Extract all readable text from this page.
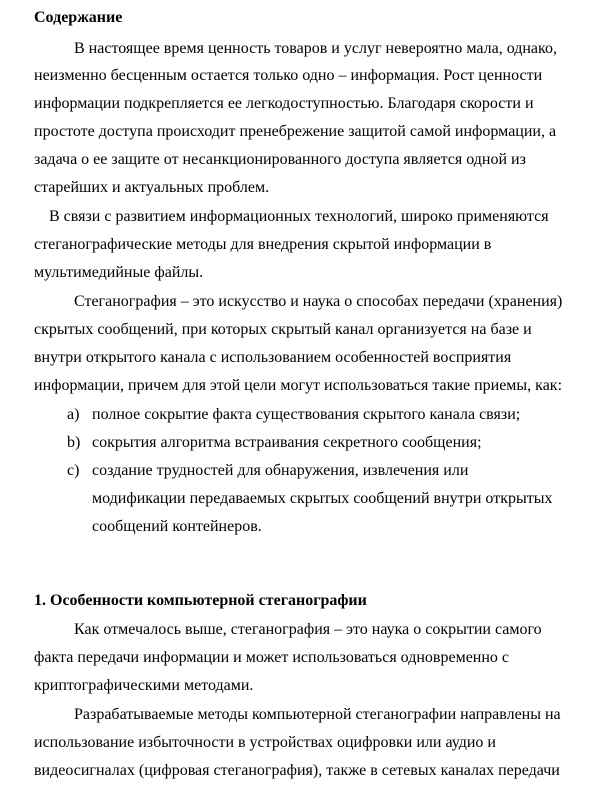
Содержание
В настоящее время ценность товаров и услуг невероятно мала, однако,
неизменно бесценным остается только одно – информация. Рост ценности
информации подкрепляется ее легкодоступностью. Благодаря скорости и
простоте доступа происходит пренебрежение защитой самой информации, а
задача о ее защите от несанкционированного доступа является одной из
старейших и актуальных проблем.
В связи с развитием информационных технологий, широко применяются
стеганографические методы для внедрения скрытой информации в
мультимедийные файлы.
Стеганография – это искусство и наука о способах передачи (хранения)
скрытых сообщений, при которых скрытый канал организуется на базе и
внутри открытого канала с использованием особенностей восприятия
информации, причем для этой цели могут использоваться такие приемы, как:
a) полное сокрытие факта существования скрытого канала связи;
b) сокрытия алгоритма встраивания секретного сообщения;
c) создание трудностей для обнаружения, извлечения или
модификации передаваемых скрытых сообщений внутри открытых
сообщений контейнеров.
1. Особенности компьютерной стеганографии
Как отмечалось выше, стеганография – это наука о сокрытии самого
факта передачи информации и может использоваться одновременно с
криптографическими методами.
Разрабатываемые методы компьютерной стеганографии направлены на
использование избыточности в устройствах оцифровки или аудио и
видеосигналах (цифровая стеганография), также в сетевых каналах передачи
